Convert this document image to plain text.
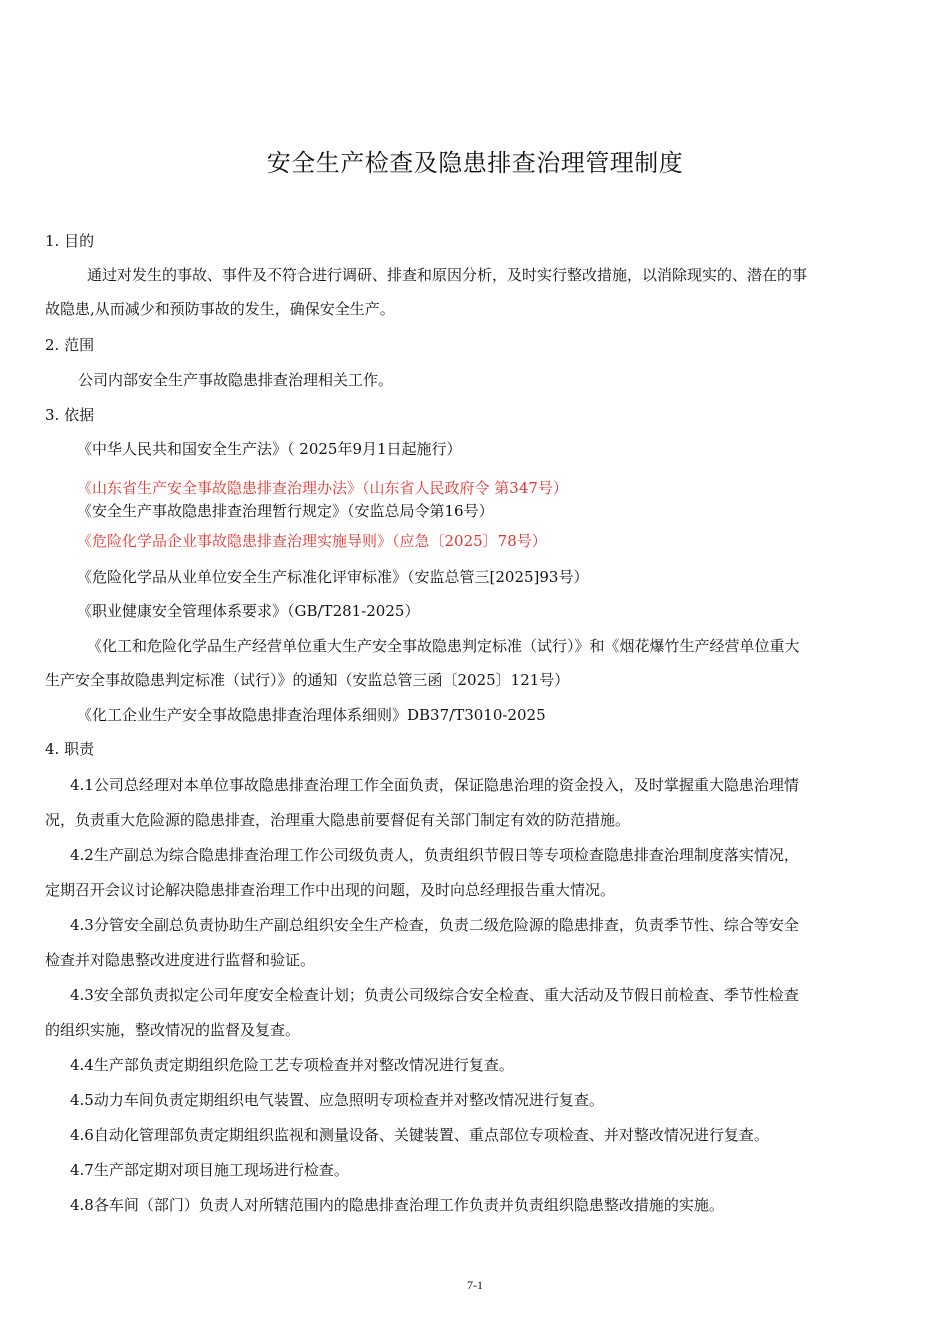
安全生产检查及隐患排查治理管理制度
1. 目的
通过对发生的事故、事件及不符合进行调研、排查和原因分析，及时实行整改措施，以消除现实的、潜在的事
故隐患,从而减少和预防事故的发生，确保安全生产。
2. 范围
公司内部安全生产事故隐患排查治理相关工作。
3. 依据
《中华人民共和国安全生产法》（ 2025年9月1日起施行）
《山东省生产安全事故隐患排查治理办法》（山东省人民政府令 第347号）
《安全生产事故隐患排查治理暂行规定》（安监总局令第16号）
《危险化学品企业事故隐患排查治理实施导则》（应急〔2025〕78号）
《危险化学品从业单位安全生产标准化评审标准》（安监总管三[2025]93号）
《职业健康安全管理体系要求》（GB/T281-2025）
《化工和危险化学品生产经营单位重大生产安全事故隐患判定标准（试行）》和《烟花爆竹生产经营单位重大
生产安全事故隐患判定标准（试行）》的通知（安监总管三函〔2025〕121号）
《化工企业生产安全事故隐患排查治理体系细则》DB37/T3010-2025
4. 职责
4.1公司总经理对本单位事故隐患排查治理工作全面负责，保证隐患治理的资金投入，及时掌握重大隐患治理情
况，负责重大危险源的隐患排查，治理重大隐患前要督促有关部门制定有效的防范措施。
4.2生产副总为综合隐患排查治理工作公司级负责人，负责组织节假日等专项检查隐患排查治理制度落实情况，
定期召开会议讨论解决隐患排查治理工作中出现的问题，及时向总经理报告重大情况。
4.3分管安全副总负责协助生产副总组织安全生产检查，负责二级危险源的隐患排查，负责季节性、综合等安全
检查并对隐患整改进度进行监督和验证。
4.3安全部负责拟定公司年度安全检查计划；负责公司级综合安全检查、重大活动及节假日前检查、季节性检查
的组织实施，整改情况的监督及复查。
4.4生产部负责定期组织危险工艺专项检查并对整改情况进行复查。
4.5动力车间负责定期组织电气装置、应急照明专项检查并对整改情况进行复查。
4.6自动化管理部负责定期组织监视和测量设备、关键装置、重点部位专项检查、并对整改情况进行复查。
4.7生产部定期对项目施工现场进行检查。
4.8各车间（部门）负责人对所辖范围内的隐患排查治理工作负责并负责组织隐患整改措施的实施。
7-1
